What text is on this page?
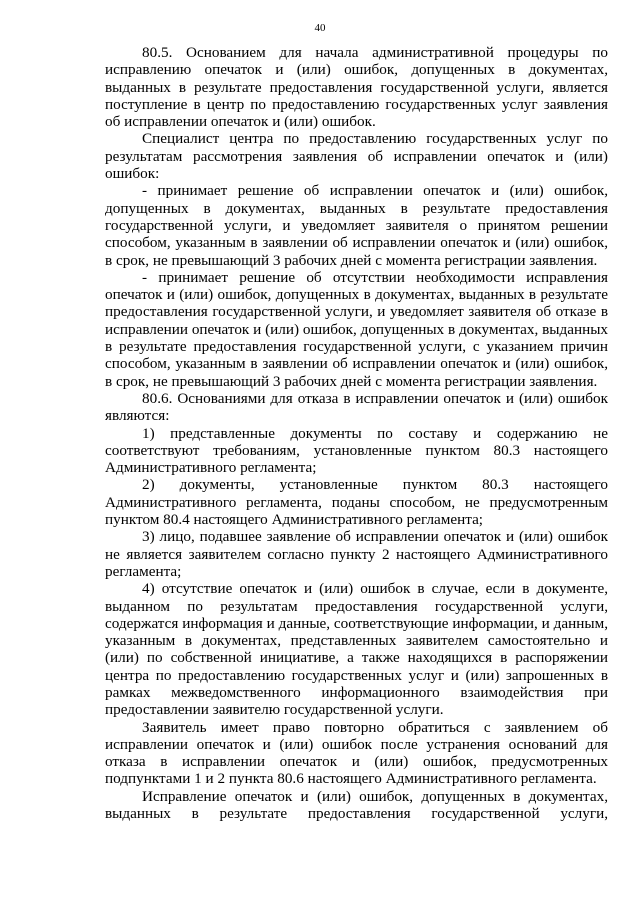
40

80.5. Основанием для начала административной процедуры по исправлению опечаток и (или) ошибок, допущенных в документах, выданных в результате предоставления государственной услуги, является поступление в центр по предоставлению государственных услуг заявления об исправлении опечаток и (или) ошибок.

Специалист центра по предоставлению государственных услуг по результатам рассмотрения заявления об исправлении опечаток и (или) ошибок:

- принимает решение об исправлении опечаток и (или) ошибок, допущенных в документах, выданных в результате предоставления государственной услуги, и уведомляет заявителя о принятом решении способом, указанным в заявлении об исправлении опечаток и (или) ошибок, в срок, не превышающий 3 рабочих дней с момента регистрации заявления.

- принимает решение об отсутствии необходимости исправления опечаток и (или) ошибок, допущенных в документах, выданных в результате предоставления государственной услуги, и уведомляет заявителя об отказе в исправлении опечаток и (или) ошибок, допущенных в документах, выданных в результате предоставления государственной услуги, с указанием причин способом, указанным в заявлении об исправлении опечаток и (или) ошибок, в срок, не превышающий 3 рабочих дней с момента регистрации заявления.

80.6. Основаниями для отказа в исправлении опечаток и (или) ошибок являются:

1) представленные документы по составу и содержанию не соответствуют требованиям, установленные пунктом 80.3 настоящего Административного регламента;

2) документы, установленные пунктом 80.3 настоящего Административного регламента, поданы способом, не предусмотренным пунктом 80.4 настоящего Административного регламента;

3) лицо, подавшее заявление об исправлении опечаток и (или) ошибок не является заявителем согласно пункту 2 настоящего Административного регламента;

4) отсутствие опечаток и (или) ошибок в случае, если в документе, выданном по результатам предоставления государственной услуги, содержатся информация и данные, соответствующие информации, и данным, указанным в документах, представленных заявителем самостоятельно и (или) по собственной инициативе, а также находящихся в распоряжении центра по предоставлению государственных услуг и (или) запрошенных в рамках межведомственного информационного взаимодействия при предоставлении заявителю государственной услуги.

Заявитель имеет право повторно обратиться с заявлением об исправлении опечаток и (или) ошибок после устранения оснований для отказа в исправлении опечаток и (или) ошибок, предусмотренных подпунктами 1 и 2 пункта 80.6 настоящего Административного регламента.

Исправление опечаток и (или) ошибок, допущенных в документах, выданных в результате предоставления государственной услуги,
